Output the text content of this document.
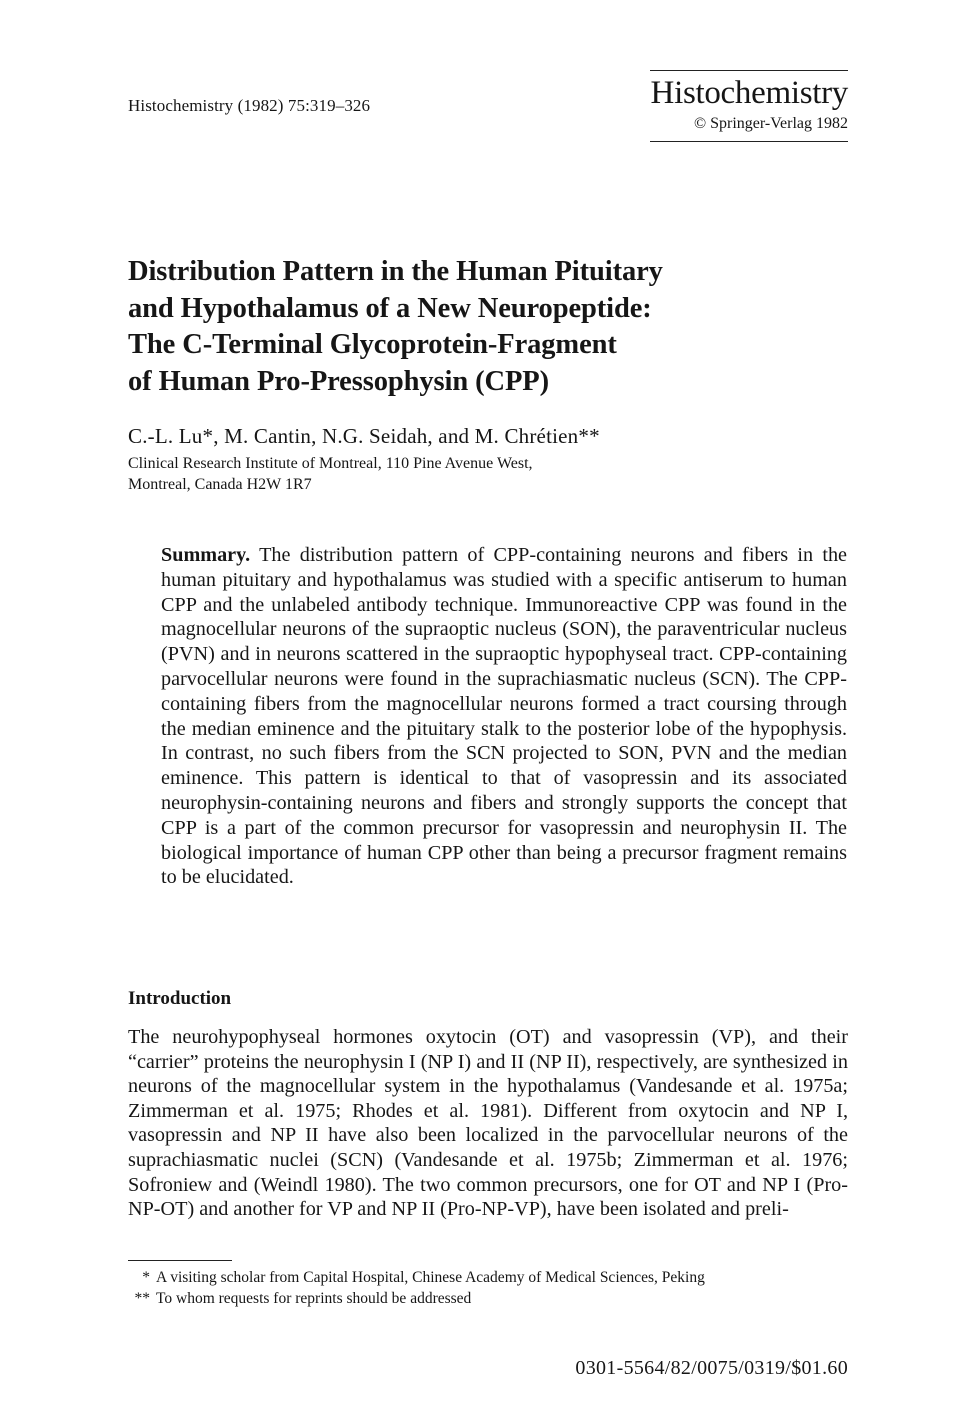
Histochemistry (1982) 75:319–326	Histochemistry
© Springer-Verlag 1982
Distribution Pattern in the Human Pituitary
and Hypothalamus of a New Neuropeptide:
The C-Terminal Glycoprotein-Fragment
of Human Pro-Pressophysin (CPP)
C.-L. Lu*, M. Cantin, N.G. Seidah, and M. Chrétien**
Clinical Research Institute of Montreal, 110 Pine Avenue West,
Montreal, Canada H2W 1R7

Summary. The distribution pattern of CPP-containing neurons and fibers in the human pituitary and hypothalamus was studied with a specific antiserum to human CPP and the unlabeled antibody technique. Immunoreactive CPP was found in the magnocellular neurons of the supraoptic nucleus (SON), the paraventricular nucleus (PVN) and in neurons scattered in the supraoptic hypophyseal tract. CPP-containing parvocellular neurons were found in the suprachiasmatic nucleus (SCN). The CPP-containing fibers from the magnocellular neurons formed a tract coursing through the median eminence and the pituitary stalk to the posterior lobe of the hypophysis. In contrast, no such fibers from the SCN projected to SON, PVN and the median eminence. This pattern is identical to that of vasopressin and its associated neurophysin-containing neurons and fibers and strongly supports the concept that CPP is a part of the common precursor for vasopressin and neurophysin II. The biological importance of human CPP other than being a precursor fragment remains to be elucidated.

Introduction

The neurohypophyseal hormones oxytocin (OT) and vasopressin (VP), and their “carrier” proteins the neurophysin I (NP I) and II (NP II), respectively, are synthesized in neurons of the magnocellular system in the hypothalamus (Vandesande et al. 1975a; Zimmerman et al. 1975; Rhodes et al. 1981). Different from oxytocin and NP I, vasopressin and NP II have also been localized in the parvocellular neurons of the suprachiasmatic nuclei (SCN) (Vandesande et al. 1975b; Zimmerman et al. 1976; Sofroniew and (Weindl 1980). The two common precursors, one for OT and NP I (Pro-NP-OT) and another for VP and NP II (Pro-NP-VP), have been isolated and preli-

* A visiting scholar from Capital Hospital, Chinese Academy of Medical Sciences, Peking
** To whom requests for reprints should be addressed
0301-5564/82/0075/0319/$01.60
